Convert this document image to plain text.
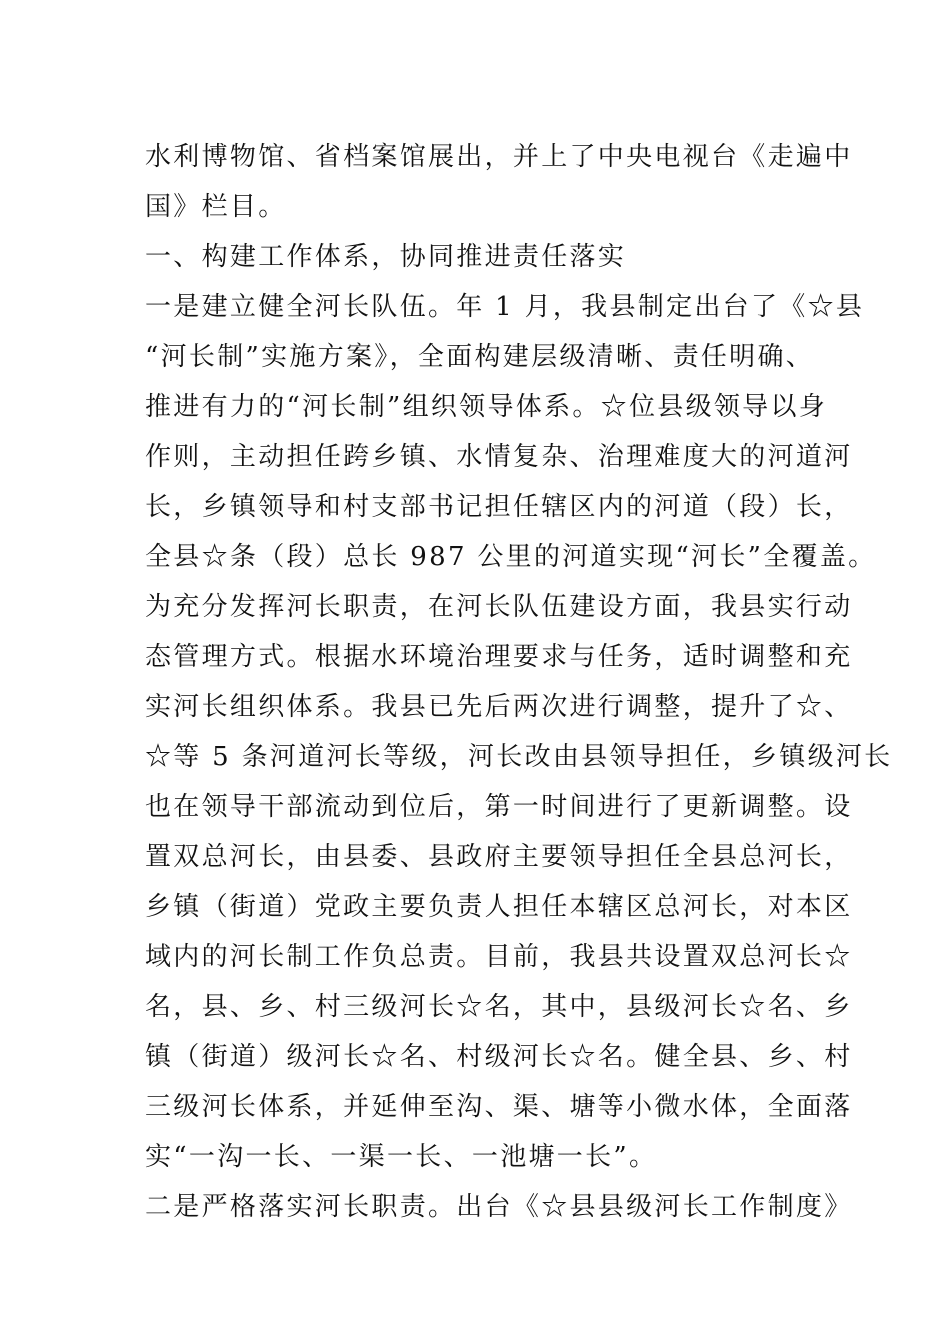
水利博物馆、省档案馆展出，并上了中央电视台《走遍中
国》栏目。
一、构建工作体系，协同推进责任落实
一是建立健全河长队伍。年 1 月，我县制定出台了《☆县
“河长制”实施方案》，全面构建层级清晰、责任明确、
推进有力的“河长制”组织领导体系。☆位县级领导以身
作则，主动担任跨乡镇、水情复杂、治理难度大的河道河
长，乡镇领导和村支部书记担任辖区内的河道（段）长，
全县☆条（段）总长 987 公里的河道实现“河长”全覆盖。
为充分发挥河长职责，在河长队伍建设方面，我县实行动
态管理方式。根据水环境治理要求与任务，适时调整和充
实河长组织体系。我县已先后两次进行调整，提升了☆、
☆等 5 条河道河长等级，河长改由县领导担任，乡镇级河长
也在领导干部流动到位后，第一时间进行了更新调整。设
置双总河长，由县委、县政府主要领导担任全县总河长，
乡镇（街道）党政主要负责人担任本辖区总河长，对本区
域内的河长制工作负总责。目前，我县共设置双总河长☆
名，县、乡、村三级河长☆名，其中，县级河长☆名、乡
镇（街道）级河长☆名、村级河长☆名。健全县、乡、村
三级河长体系，并延伸至沟、渠、塘等小微水体，全面落
实“一沟一长、一渠一长、一池塘一长”。
二是严格落实河长职责。出台《☆县县级河长工作制度》
